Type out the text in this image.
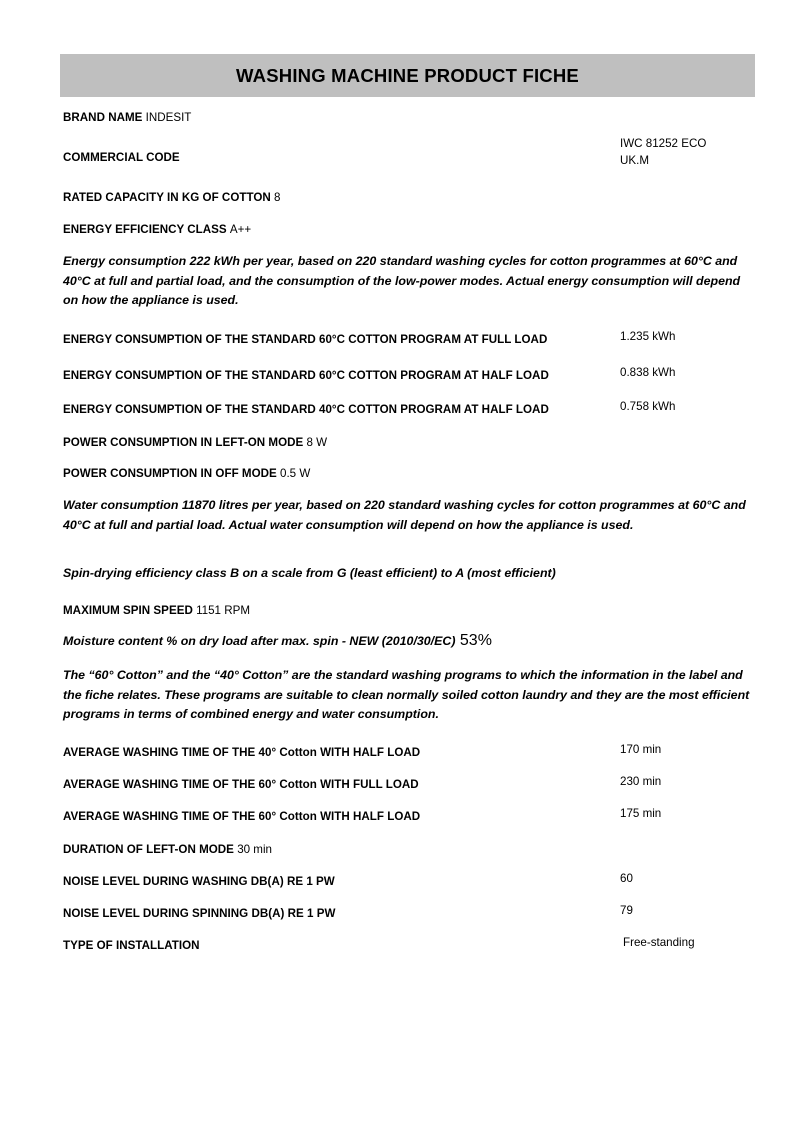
WASHING MACHINE PRODUCT FICHE
BRAND NAME INDESIT
COMMERCIAL CODE
IWC 81252 ECO
UK.M
RATED CAPACITY IN KG OF COTTON 8
ENERGY EFFICIENCY CLASS A++
Energy consumption 222 kWh per year, based on 220 standard washing cycles for cotton programmes at 60°C and 40°C at full and partial load, and the consumption of the low-power modes. Actual energy consumption will depend on how the appliance is used.
ENERGY CONSUMPTION OF THE STANDARD 60°C COTTON PROGRAM AT FULL LOAD	1.235 kWh
ENERGY CONSUMPTION OF THE STANDARD 60°C COTTON PROGRAM AT HALF LOAD	0.838 kWh
ENERGY CONSUMPTION OF THE STANDARD 40°C COTTON PROGRAM AT HALF LOAD	0.758 kWh
POWER CONSUMPTION IN LEFT-ON MODE 8 W
POWER CONSUMPTION IN OFF MODE 0.5 W
Water consumption 11870 litres per year, based on 220 standard washing cycles for cotton programmes at 60°C and 40°C at full and partial load. Actual water consumption will depend on how the appliance is used.
Spin-drying efficiency class B on a scale from G (least efficient) to A (most efficient)
MAXIMUM SPIN SPEED 1151 RPM
Moisture content % on dry load after max. spin - NEW (2010/30/EC) 53%
The “60° Cotton” and the “40° Cotton” are the standard washing programs to which the information in the label and the fiche relates. These programs are suitable to clean normally soiled cotton laundry and they are the most efficient programs in terms of combined energy and water consumption.
AVERAGE WASHING TIME OF THE 40° Cotton WITH HALF LOAD	170 min
AVERAGE WASHING TIME OF THE 60° Cotton WITH FULL LOAD	230 min
AVERAGE WASHING TIME OF THE 60° Cotton WITH HALF LOAD	175 min
DURATION OF LEFT-ON MODE 30 min
NOISE LEVEL DURING WASHING DB(A) RE 1 PW	60
NOISE LEVEL DURING SPINNING DB(A) RE 1 PW	79
TYPE OF INSTALLATION	Free-standing
